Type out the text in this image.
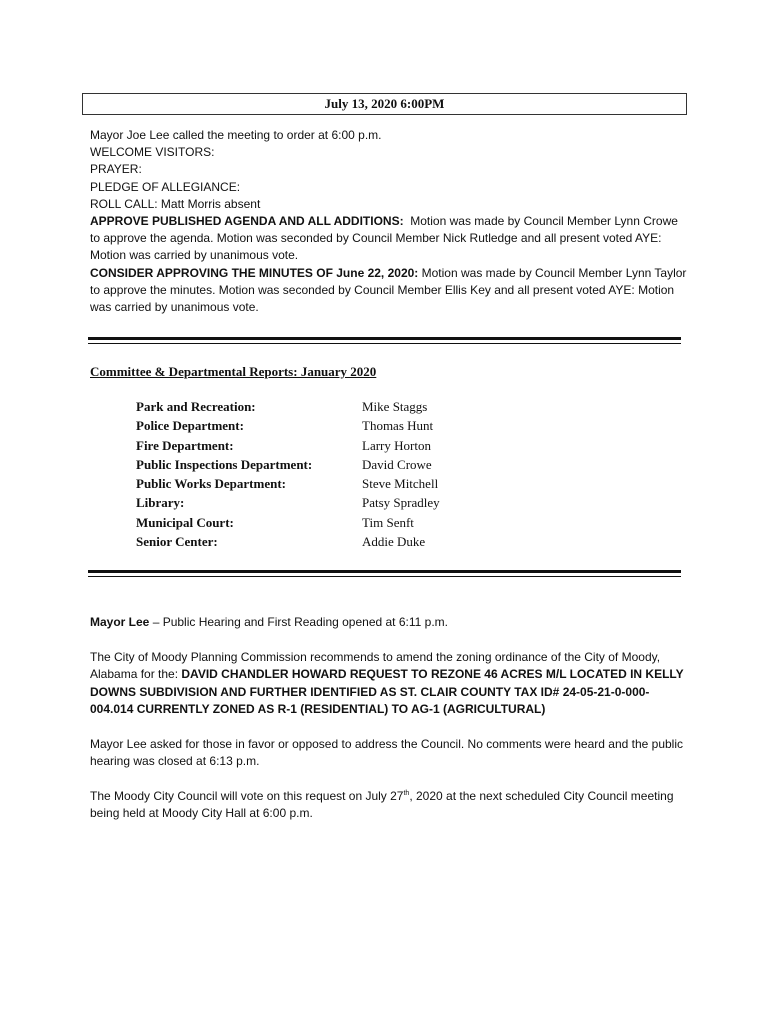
July 13, 2020 6:00PM

Mayor Joe Lee called the meeting to order at 6:00 p.m.

WELCOME VISITORS:

PRAYER:

PLEDGE OF ALLEGIANCE:

ROLL CALL: Matt Morris absent

APPROVE PUBLISHED AGENDA AND ALL ADDITIONS: Motion was made by Council Member Lynn Crowe to approve the agenda. Motion was seconded by Council Member Nick Rutledge and all present voted AYE: Motion was carried by unanimous vote.

CONSIDER APPROVING THE MINUTES OF June 22, 2020: Motion was made by Council Member Lynn Taylor to approve the minutes. Motion was seconded by Council Member Ellis Key and all present voted AYE: Motion was carried by unanimous vote.

Committee & Departmental Reports: January 2020
Park and Recreation:	Mike Staggs
Police Department:	Thomas Hunt
Fire Department:	Larry Horton
Public Inspections Department:	David Crowe
Public Works Department:	Steve Mitchell
Library:	Patsy Spradley
Municipal Court:	Tim Senft
Senior Center:	Addie Duke

Mayor Lee – Public Hearing and First Reading opened at 6:11 p.m.

The City of Moody Planning Commission recommends to amend the zoning ordinance of the City of Moody, Alabama for the: DAVID CHANDLER HOWARD REQUEST TO REZONE 46 ACRES M/L LOCATED IN KELLY DOWNS SUBDIVISION AND FURTHER IDENTIFIED AS ST. CLAIR COUNTY TAX ID# 24-05-21-0-000-004.014 CURRENTLY ZONED AS R-1 (RESIDENTIAL) TO AG-1 (AGRICULTURAL)

Mayor Lee asked for those in favor or opposed to address the Council. No comments were heard and the public hearing was closed at 6:13 p.m.

The Moody City Council will vote on this request on July 27th, 2020 at the next scheduled City Council meeting being held at Moody City Hall at 6:00 p.m.
